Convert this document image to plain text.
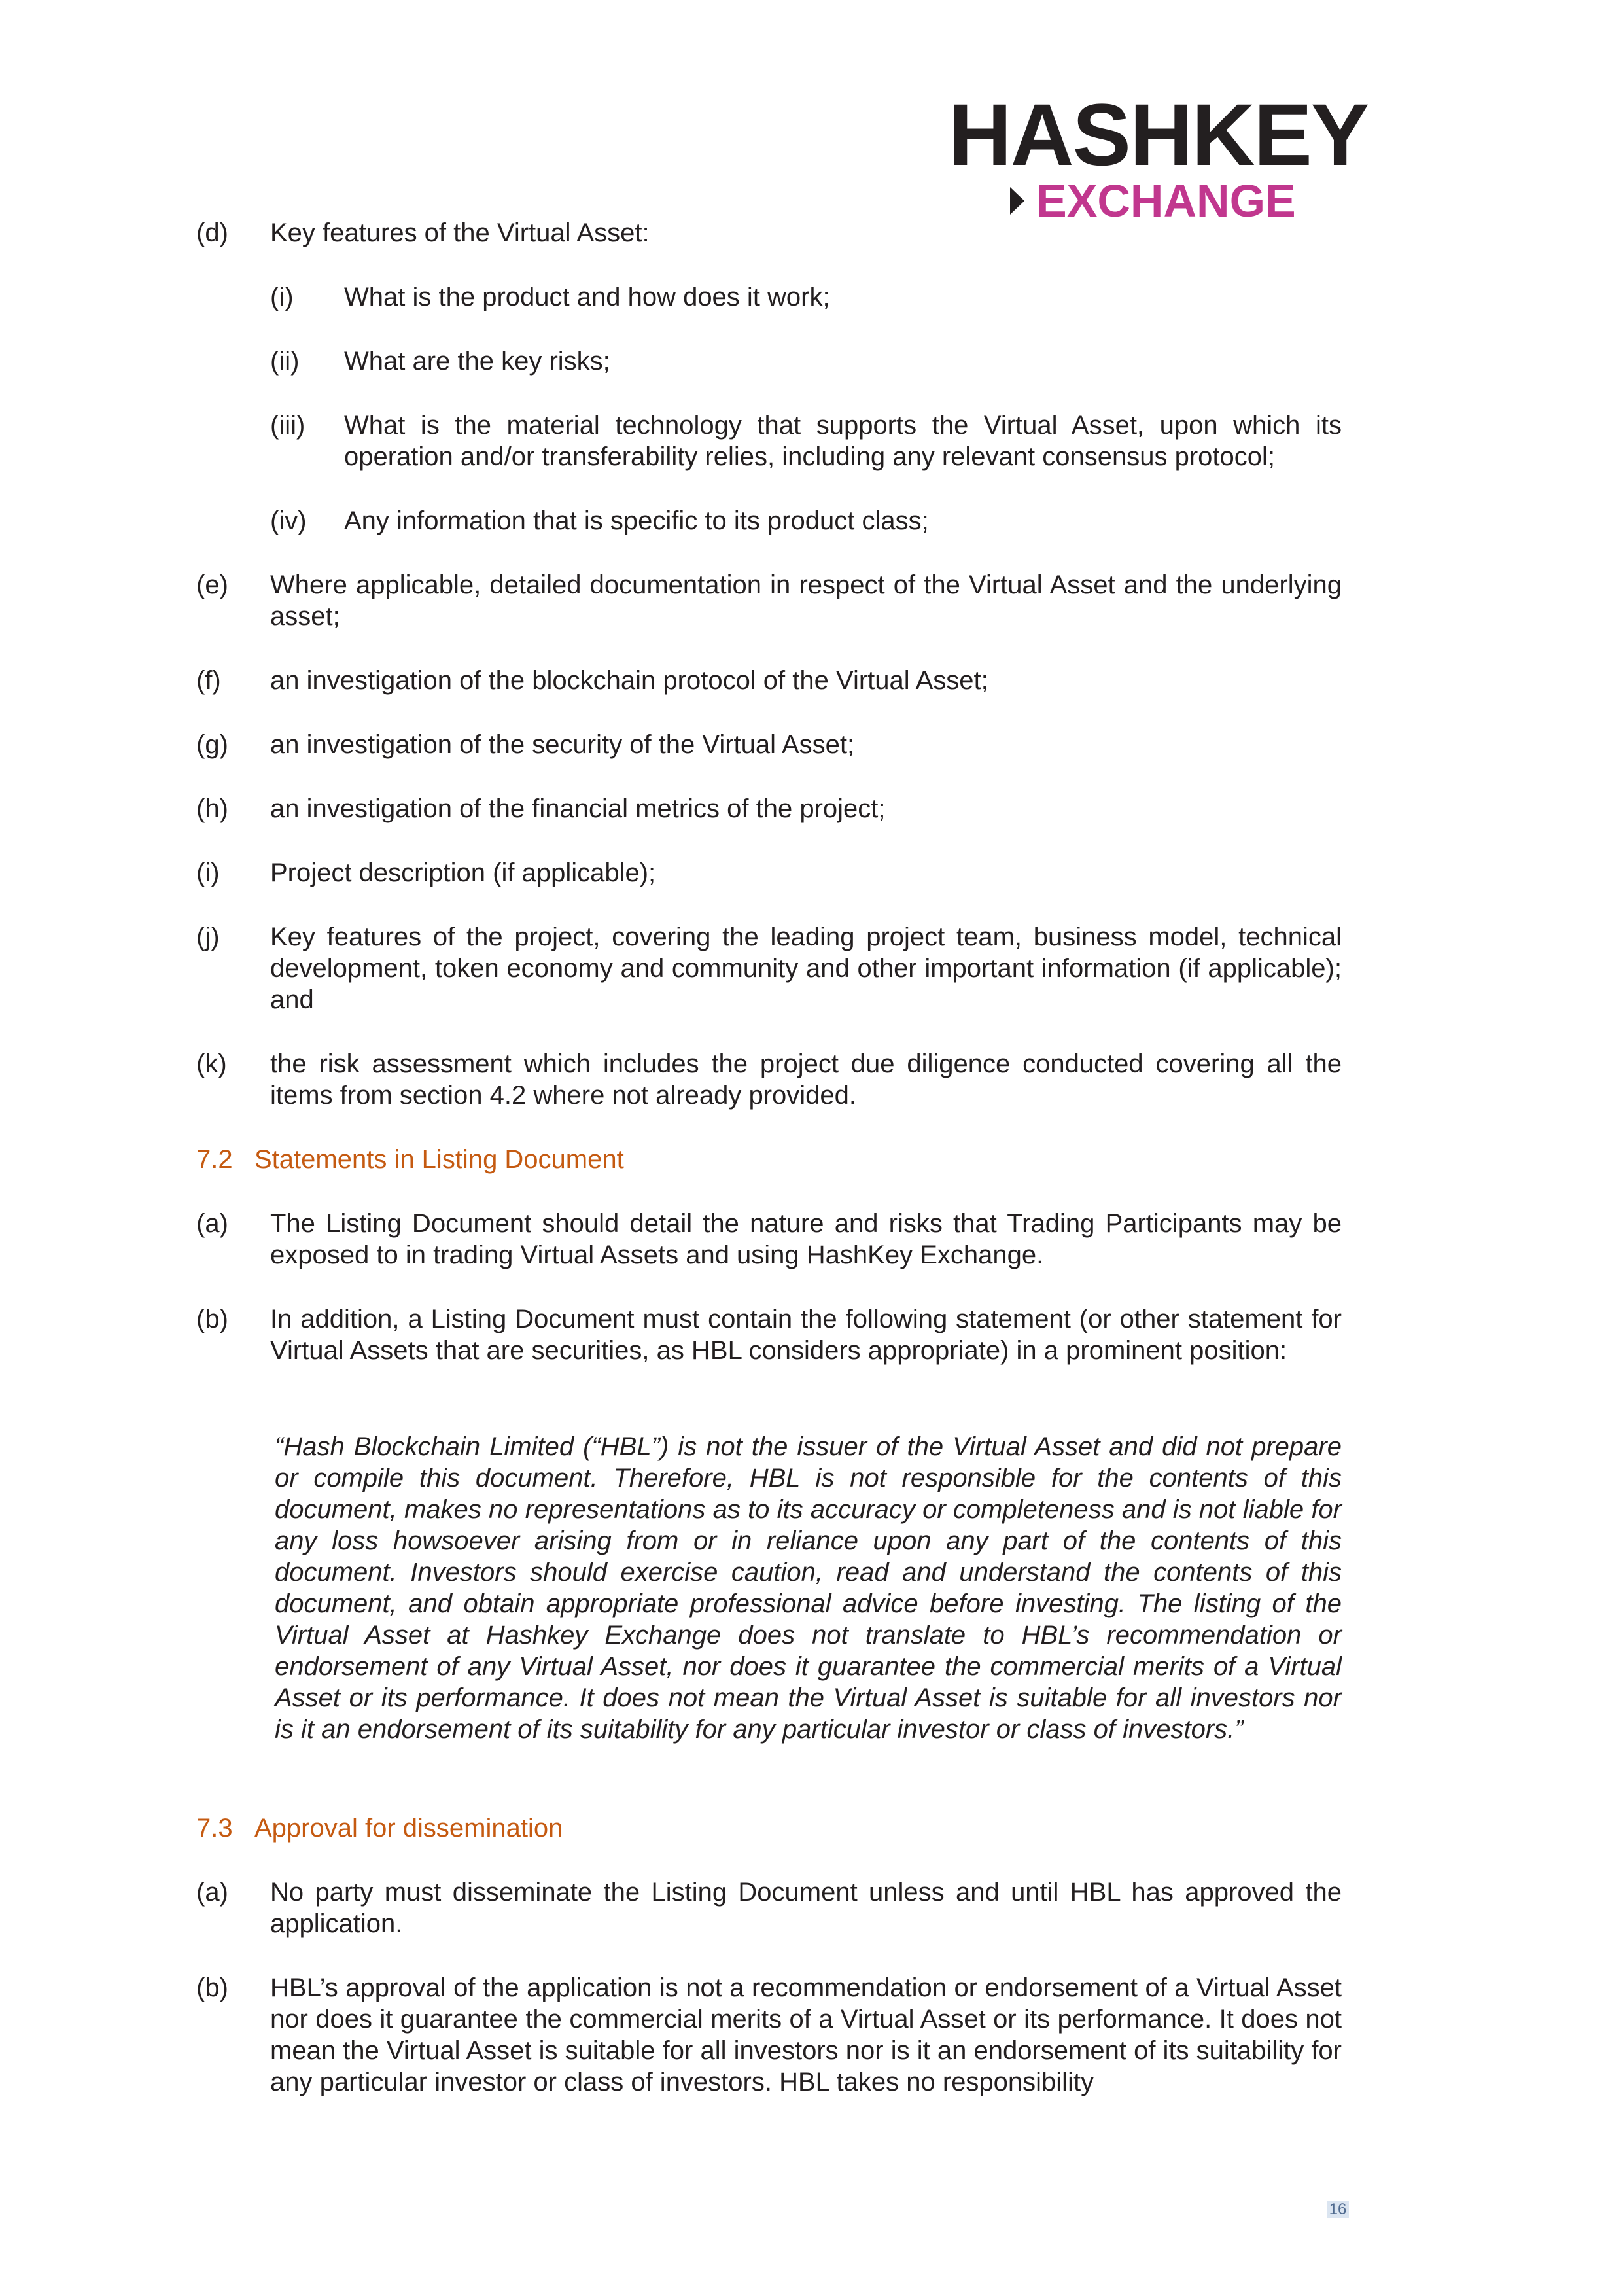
HASHKEY
EXCHANGE
(d) Key features of the Virtual Asset:
(i) What is the product and how does it work;
(ii) What are the key risks;
(iii) What is the material technology that supports the Virtual Asset, upon which its operation and/or transferability relies, including any relevant consensus protocol;
(iv) Any information that is specific to its product class;
(e) Where applicable, detailed documentation in respect of the Virtual Asset and the underlying asset;
(f) an investigation of the blockchain protocol of the Virtual Asset;
(g) an investigation of the security of the Virtual Asset;
(h) an investigation of the financial metrics of the project;
(i) Project description (if applicable);
(j) Key features of the project, covering the leading project team, business model, technical development, token economy and community and other important information (if applicable); and
(k) the risk assessment which includes the project due diligence conducted covering all the items from section 4.2 where not already provided.
7.2 Statements in Listing Document
(a) The Listing Document should detail the nature and risks that Trading Participants may be exposed to in trading Virtual Assets and using HashKey Exchange.
(b) In addition, a Listing Document must contain the following statement (or other statement for Virtual Assets that are securities, as HBL considers appropriate) in a prominent position:
“Hash Blockchain Limited (“HBL”) is not the issuer of the Virtual Asset and did not prepare or compile this document. Therefore, HBL is not responsible for the contents of this document, makes no representations as to its accuracy or completeness and is not liable for any loss howsoever arising from or in reliance upon any part of the contents of this document. Investors should exercise caution, read and understand the contents of this document, and obtain appropriate professional advice before investing. The listing of the Virtual Asset at Hashkey Exchange does not translate to HBL’s recommendation or endorsement of any Virtual Asset, nor does it guarantee the commercial merits of a Virtual Asset or its performance. It does not mean the Virtual Asset is suitable for all investors nor is it an endorsement of its suitability for any particular investor or class of investors.”
7.3 Approval for dissemination
(a) No party must disseminate the Listing Document unless and until HBL has approved the application.
(b) HBL’s approval of the application is not a recommendation or endorsement of a Virtual Asset nor does it guarantee the commercial merits of a Virtual Asset or its performance. It does not mean the Virtual Asset is suitable for all investors nor is it an endorsement of its suitability for any particular investor or class of investors. HBL takes no responsibility
16
